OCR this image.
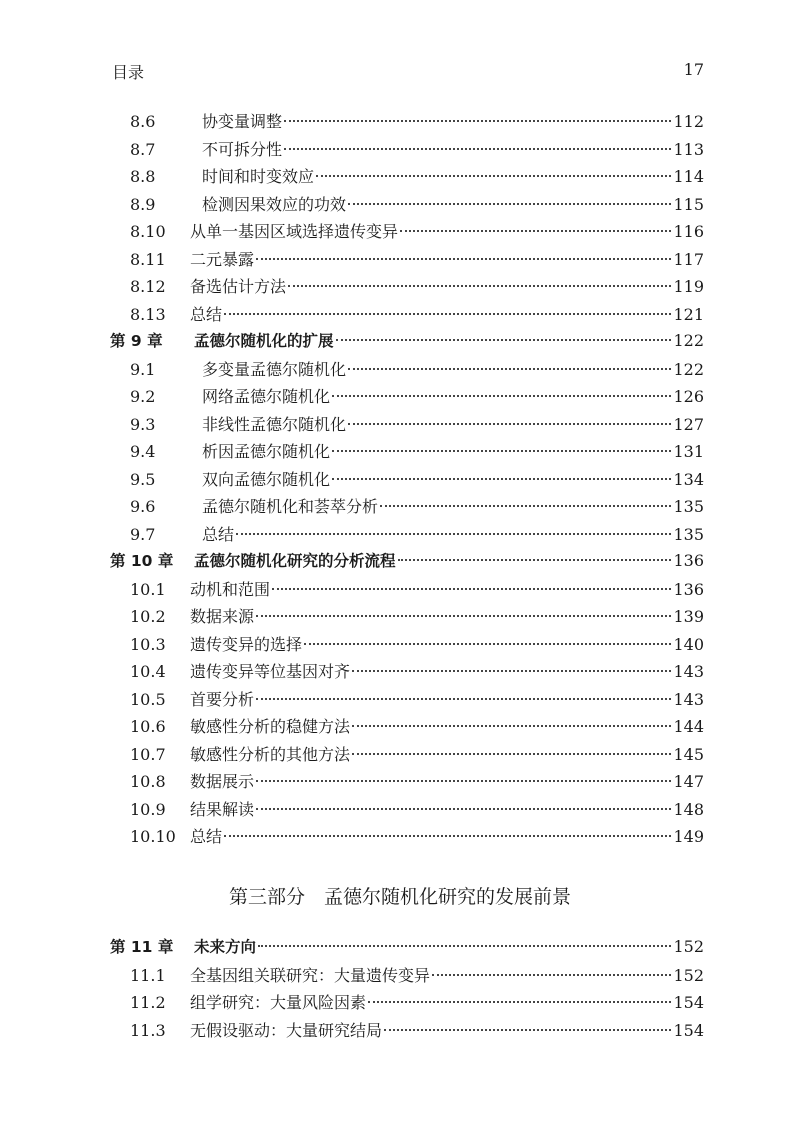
目录	17
8.6	协变量调整	112
8.7	不可拆分性	113
8.8	时间和时变效应	114
8.9	检测因果效应的功效	115
8.10	从单一基因区域选择遗传变异	116
8.11	二元暴露	117
8.12	备选估计方法	119
8.13	总结	121
第 9 章	孟德尔随机化的扩展	122
9.1	多变量孟德尔随机化	122
9.2	网络孟德尔随机化	126
9.3	非线性孟德尔随机化	127
9.4	析因孟德尔随机化	131
9.5	双向孟德尔随机化	134
9.6	孟德尔随机化和荟萃分析	135
9.7	总结	135
第 10 章	孟德尔随机化研究的分析流程	136
10.1	动机和范围	136
10.2	数据来源	139
10.3	遗传变异的选择	140
10.4	遗传变异等位基因对齐	143
10.5	首要分析	143
10.6	敏感性分析的稳健方法	144
10.7	敏感性分析的其他方法	145
10.8	数据展示	147
10.9	结果解读	148
10.10 总结	149
第三部分　孟德尔随机化研究的发展前景
第 11 章	未来方向	152
11.1	全基因组关联研究：大量遗传变异	152
11.2	组学研究：大量风险因素	154
11.3	无假设驱动：大量研究结局	154
